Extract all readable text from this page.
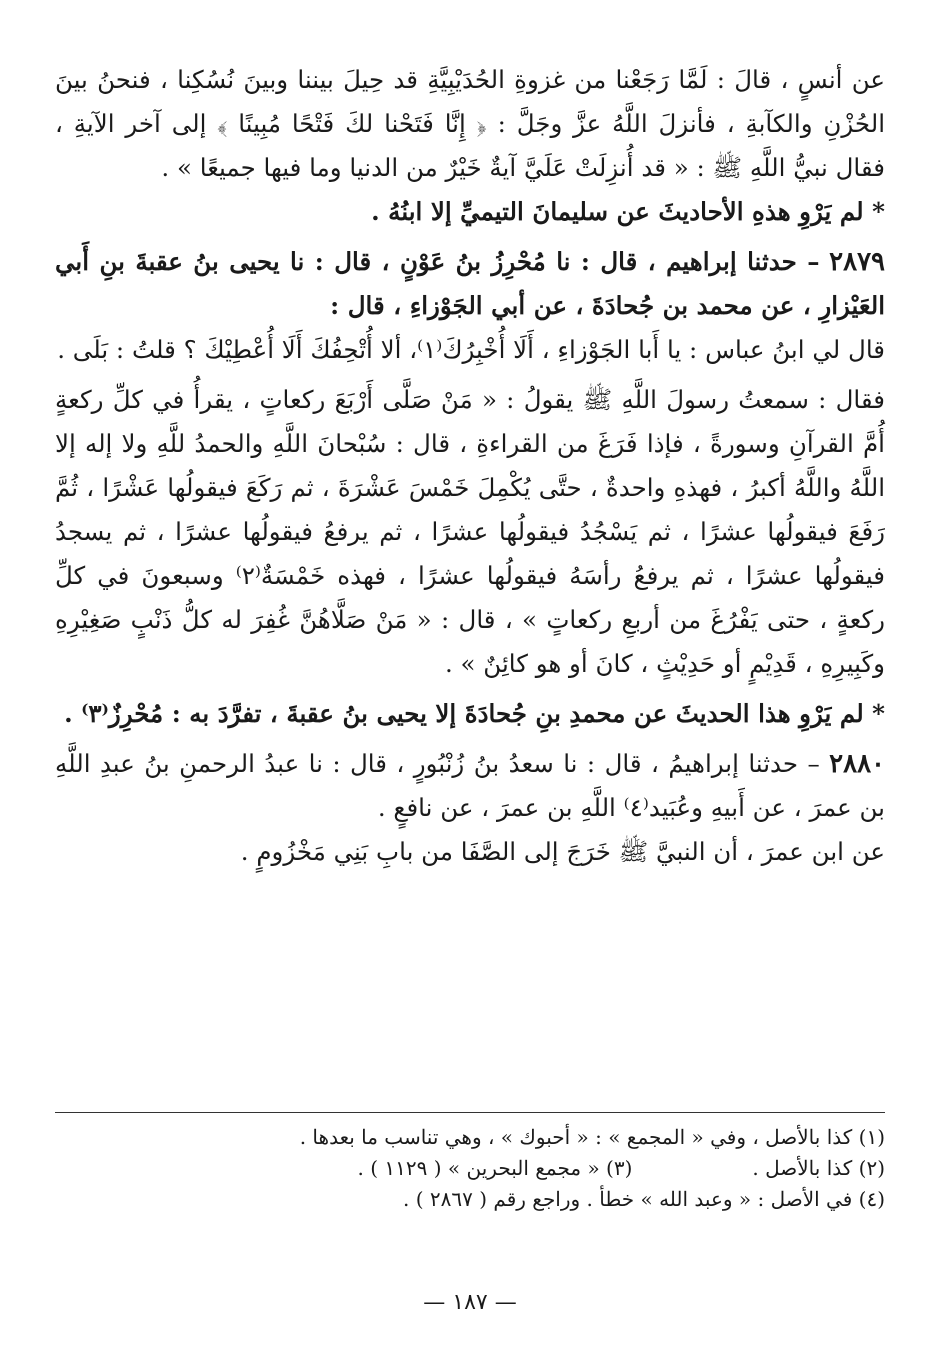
عن أنسٍ ، قالَ : لَمَّا رَجَعْنا من غزوةِ الحُدَيْبِيَّةِ قد حِيلَ بيننا وبينَ نُسُكِنا ، فنحنُ بينَ الحُزْنِ والكآبةِ ، فأنزلَ اللَّهُ عزَّ وجَلَّ : ﴿ إِنَّا فَتَحْنا لكَ فَتْحًا مُبِينًا ﴾ إلى آخر الآيةِ ، فقال نبيُّ اللَّهِ ﷺ : « قد أُنزِلَتْ عَلَيَّ آيةٌ خَيْرٌ من الدنيا وما فيها جميعًا » .

* لم يَرْوِ هذهِ الأحاديثَ عن سليمانَ التيميِّ إلا ابنُهُ .

٢٨٧٩ – حدثنا إبراهيم ، قال : نا مُحْرِزُ بنُ عَوْنٍ ، قال : نا يحيى بنُ عقبةَ بنِ أَبي العَيْزارِ ، عن محمد بن جُحادَةَ ، عن أبي الجَوْزاءِ ، قال :

قال لي ابنُ عباس : يا أَبا الجَوْزاءِ ، أَلَا أُخْبِرُكَ⁽١⁾، ألا أُتْحِفُكَ أَلَا أُعْطِيْكَ ؟ قلتُ : بَلَى .

فقال : سمعتُ رسولَ اللَّهِ ﷺ يقولُ : « مَنْ صَلَّى أَرْبَعَ ركعاتٍ ، يقرأُ في كلِّ ركعةٍ أُمَّ القرآنِ وسورةً ، فإذا فَرَغَ من القراءةِ ، قال : سُبْحانَ اللَّهِ والحمدُ للَّهِ ولا إله إلا اللَّهُ واللَّهُ أكبرُ ، فهذهِ واحدةٌ ، حتَّى يُكْمِلَ خَمْسَ عَشْرَةَ ، ثم رَكَعَ فيقولُها عَشْرًا ، ثُمَّ رَفَعَ فيقولُها عشرًا ، ثم يَسْجُدُ فيقولُها عشرًا ، ثم يرفعُ فيقولُها عشرًا ، ثم يسجدُ فيقولُها عشرًا ، ثم يرفعُ رأسَهُ فيقولُها عشرًا ، فهذه خَمْسَةٌ⁽٢⁾ وسبعونَ في كلِّ ركعةٍ ، حتى يَفْرُغَ من أربعِ ركعاتٍ » ، قال : « مَنْ صَلَّاهُنَّ غُفِرَ له كلُّ ذَنْبٍ صَغِيْرِهِ وكَبِيرِهِ ، قَدِيْمٍ أو حَدِيْثٍ ، كانَ أو هو كائِنٌ » .

* لم يَرْوِ هذا الحديثَ عن محمدِ بنِ جُحادَةَ إلا يحيى بنُ عقبةَ ، تفرَّدَ به : مُحْرِزٌ⁽٣⁾ .

٢٨٨٠ – حدثنا إبراهيمُ ، قال : نا سعدُ بنُ زُنْبُورٍ ، قال : نا عبدُ الرحمنِ بنُ عبدِ اللَّهِ بن عمرَ ، عن أَبيهِ وعُبَيد⁽٤⁾ اللَّهِ بن عمرَ ، عن نافعٍ .

عن ابن عمرَ ، أن النبيَّ ﷺ خَرَجَ إلى الصَّفَا من بابِ بَنِي مَخْزُومٍ .

(١) كذا بالأصل ، وفي « المجمع » : « أحبوك » ، وهي تناسب ما بعدها .
(٢) كذا بالأصل .
(٣) « مجمع البحرين » ( ١١٢٩ ) .
(٤) في الأصل : « وعبد الله » خطأ . وراجع رقم ( ٢٨٦٧ ) .
— ١٨٧ —
